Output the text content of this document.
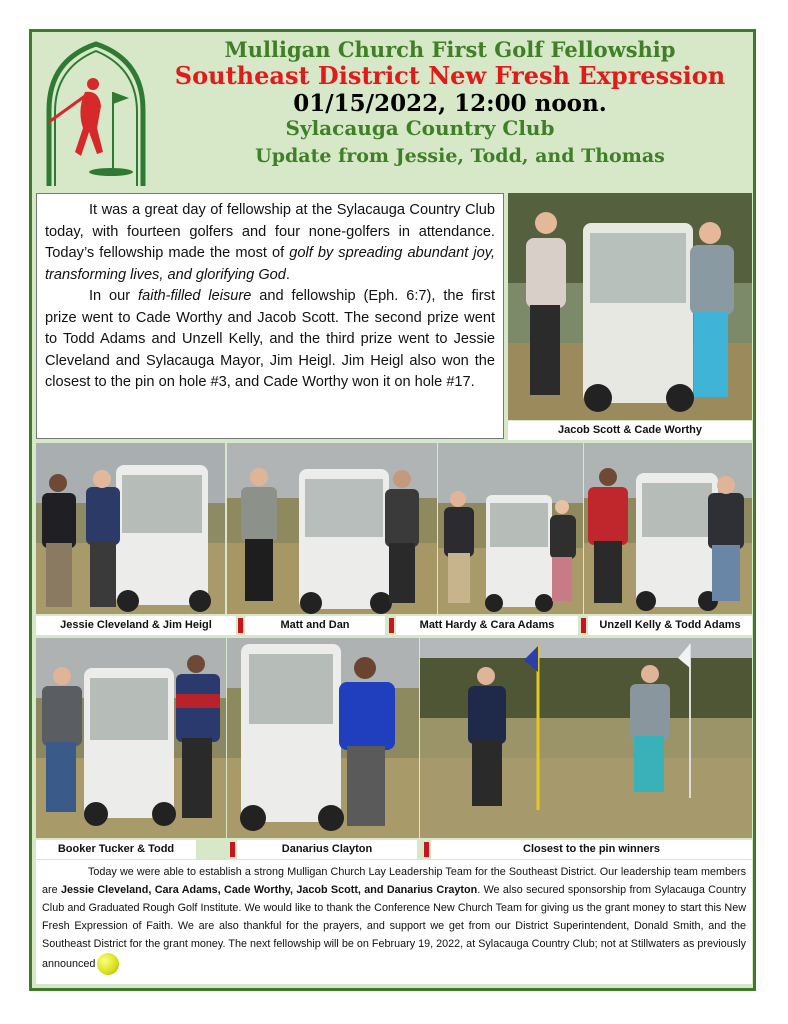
Mulligan Church First Golf Fellowship
Southeast District New Fresh Expression
01/15/2022, 12:00 noon.
Sylacauga Country Club
Update from Jessie, Todd, and Thomas

It was a great day of fellowship at the Sylacauga Country Club today, with fourteen golfers and four none-golfers in attendance. Today’s fellowship made the most of golf by spreading abundant joy, transforming lives, and glorifying God.

In our faith-filled leisure and fellowship (Eph. 6:7), the first prize went to Cade Worthy and Jacob Scott. The second prize went to Todd Adams and Unzell Kelly, and the third prize went to Jessie Cleveland and Sylacauga Mayor, Jim Heigl. Jim Heigl also won the closest to the pin on hole #3, and Cade Worthy won it on hole #17.

Jacob Scott & Cade Worthy
Jessie Cleveland & Jim Heigl	Matt and Dan	Matt Hardy & Cara Adams	Unzell Kelly & Todd Adams
Booker Tucker & Todd	Danarius Clayton	Closest to the pin winners

Today we were able to establish a strong Mulligan Church Lay Leadership Team for the Southeast District. Our leadership team members are Jessie Cleveland, Cara Adams, Cade Worthy, Jacob Scott, and Danarius Crayton. We also secured sponsorship from Sylacauga Country Club and Graduated Rough Golf Institute. We would like to thank the Conference New Church Team for giving us the grant money to start this New Fresh Expression of Faith. We are also thankful for the prayers, and support we get from our District Superintendent, Donald Smith, and the Southeast District for the grant money. The next fellowship will be on February 19, 2022, at Sylacauga Country Club; not at Stillwaters as previously announced
